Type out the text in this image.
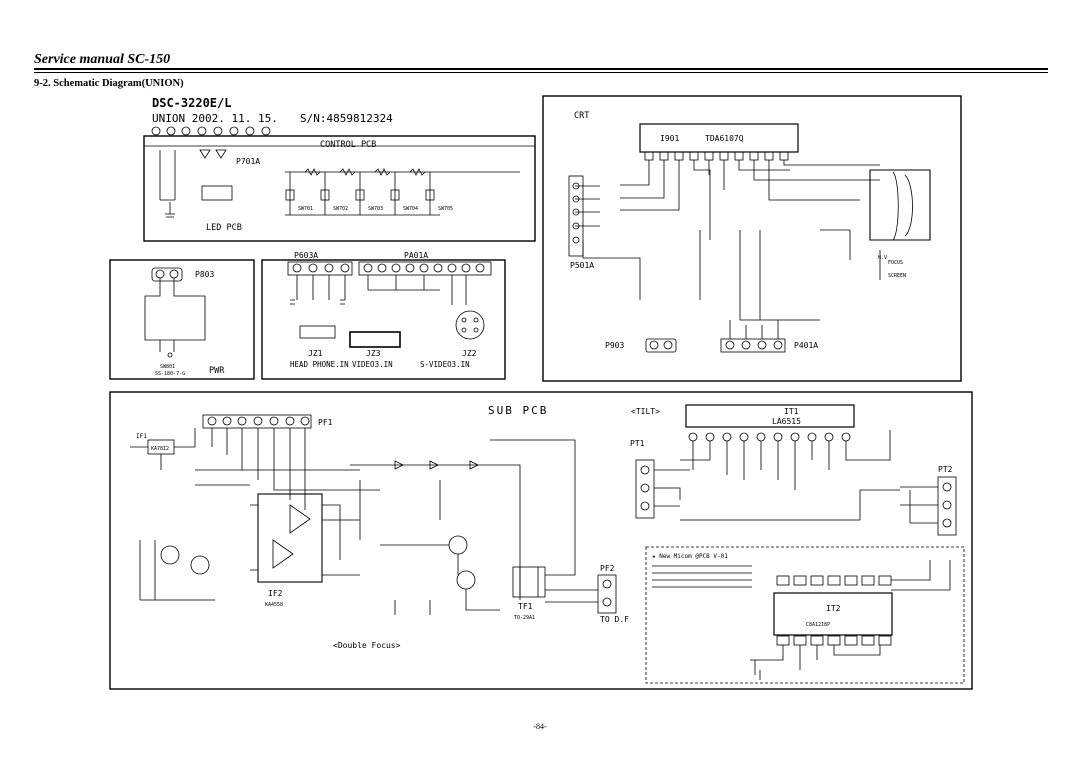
Service manual SC-150
9-2. Schematic Diagram(UNION)
DSC-3220E/L
UNION 2002. 11. 15. S/N:4859812324
P701A
CONTROL PCB
LED PCB
SW701	SW702	SW703	SW704	SW705
P803
SW801
SS-180-7-G	PWR
P603A	PA01A
JZ1
HEAD PHONE.IN
JZ3
VIDEO3.IN
JZ2
S-VIDEO3.IN
CRT
I901	TDA6107Q
P501A
H.V
FOCUS
SCREEN
P903	P401A
SUB PCB
PF1
IF1
KA78I2
IF2
KA4558	TF1
TO-29A1
PF2
TO D.F
<Double Focus>
<TILT>	IT1
LA6515
PT1
PT2
★ New Micom @PCB V-01
IT2
C8A12I8P
-84-
